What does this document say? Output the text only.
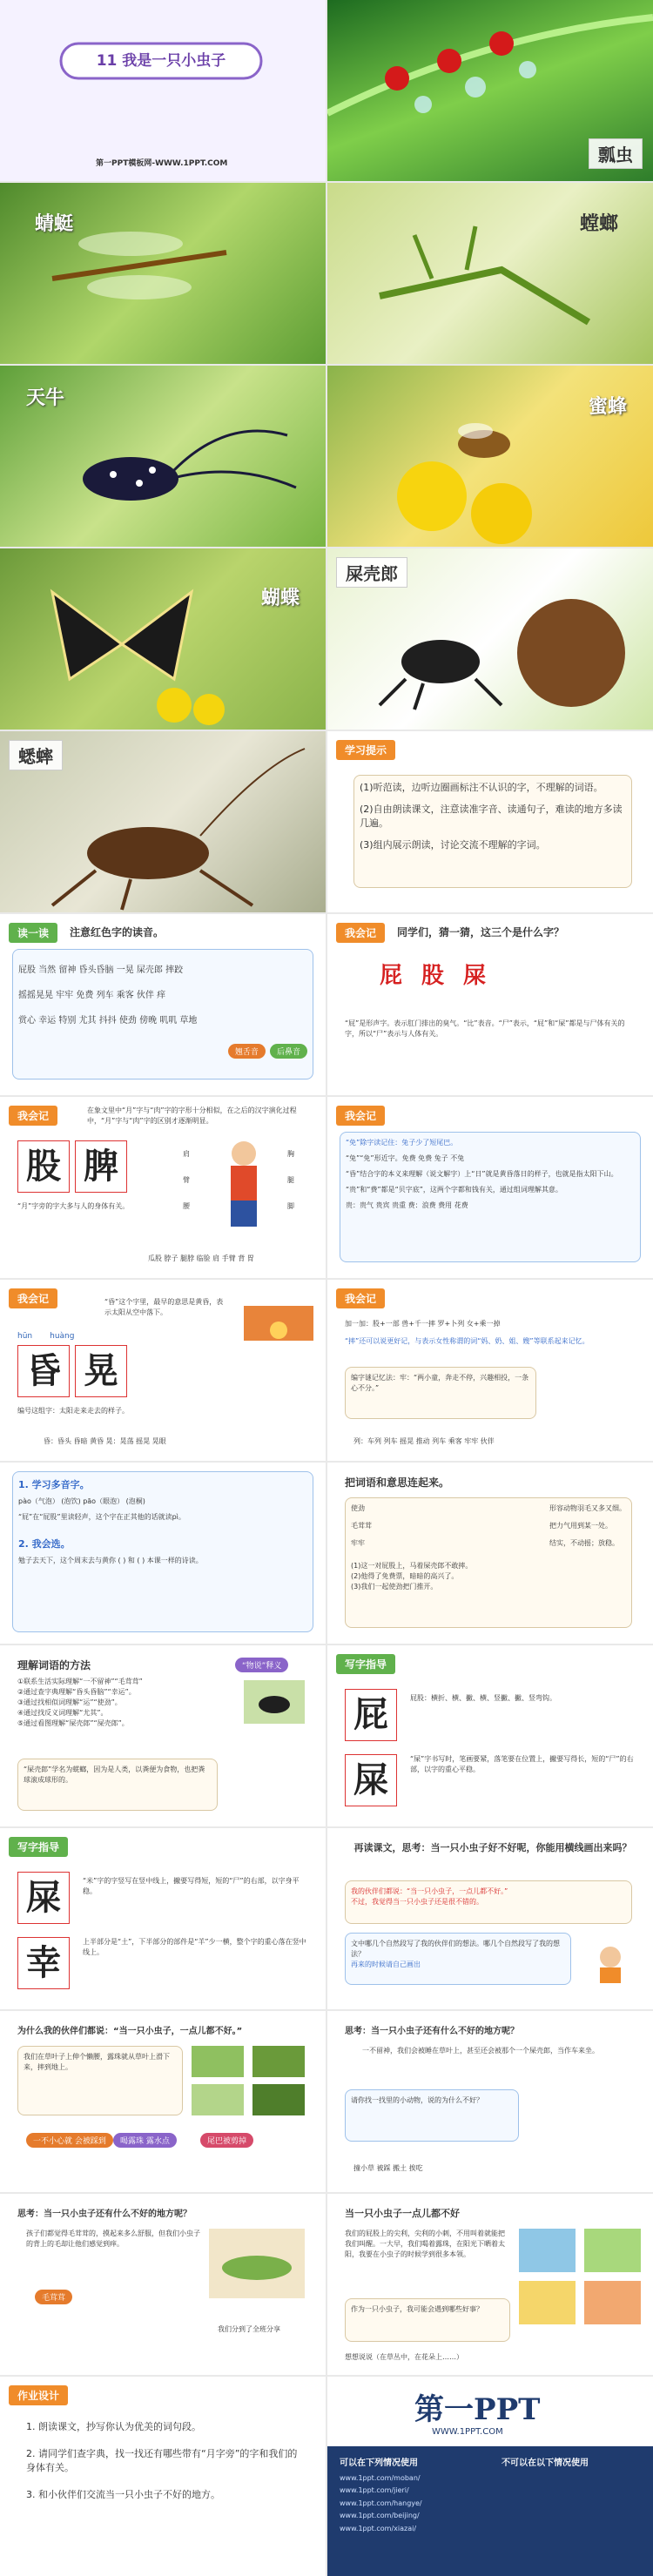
11 我是一只小虫子
第一PPT模板网-WWW.1PPT.COM	瓢虫
蜻蜓	螳螂
天牛	蜜蜂
蝴蝶
屎壳郎
蟋蟀	学习提示
(1)听范读，边听边圈画标注不认识的字，不理解的词语。
(2)自由朗读课文，注意读准字音、读通句子，难读的地方多读几遍。
(3)组内展示朗读，讨论交流不理解的字词。
读一读	注意红色字的读音。
屁股 当然 留神 昏头昏脑 一晃 屎壳郎 摔跤
摇摇晃晃 牢牢 免费 列车 乘客 伙伴 痒
赏心 幸运 特别 尤其 抖抖 使劲 傍晚 叽叽 草地
翘舌音 后鼻音
我会记	同学们，猜一猜，这三个是什么字？
屁 股 屎
“屁”是形声字。表示肛门排出的臭气。“比”表音。“尸”表示，“屁”和“屎”都是与尸体有关的字，所以“尸”表示与人体有关。
我会记	在象文里中“月”字与“肉”字的字形十分相似，在之后的汉字演化过程中，“月”字与“肉”字的区别才逐渐明显。
股 脾
“月”字旁的字大多与人的身体有关。
肩
臂
腰
胸
腿
脚
瓜股 脖子 腿脖 临脸 肩 手臂 背 胃
我会记
“免”除字读记住：兔子少了短尾巴。
“兔”“免”形近字。免费 免费 兔子 不兔
“昏”结合字的本义来理解（说文解字）上“日”就是黄昏落日的样子，也就是指太阳下山。
“贵”和“费”都是“贝字底”，这两个字都和钱有关，通过组词理解其意。
贵：贵气 贵宾 贵重 费：浪费 费用 花费
我会记	“昏”这个字里，最早的意思是黄昏，表示太阳从空中落下。
hūn huàng
昏 晃
编号这组字：太阳走来走去的样子。
昏：昏头 昏暗 黄昏 晃：晃荡 摇晃 晃眼
我会记
加一加：股+一部 兽+千一摔 罗+卜列 女+乘一掉
“摔”还可以说更好记，与表示女性称谓的词“妈、奶、姐、嫂”等联系起来记忆。
编字谜记忆法：牢：“两小童，奔走不停，兴趣相投，一条心不分。”
列：车列 列车 摇晃 推动 列车 乘客 牢牢 伙伴
1. 学习多音字。
pào（气泡） (泡饮) pāo（眼泡） (泡桐)
“屁”在“屁股”里读轻声，这个字在正其他的话就读pì。
2. 我会选。
勉子去天下，这个周末去与黄你 ( ) 和 ( ) 本课一样的诗读。
把词语和意思连起来。
使劲
毛茸茸
牢牢
形容动物羽毛又多又细。
把力气用到某一处。
结实，不动摇；放稳。
(1)这一对屁股上，马着屎壳郎不敢摔。
(2)他得了免费票，暗暗的高兴了。
(3)我们一起使劲把门推开。
理解词语的方法
①联系生活实际理解“一不留神”“毛茸茸”
②通过查字典理解“昏头昏脑”“幸运”。
③通过找相似词理解“运”“使劲”。
④通过找反义词理解“尤其”。
⑤通过看图理解“屎壳郎”“屎壳郎”。
“物说”释义
“屎壳郎”学名为蜣螂，因为是人类，以粪便为食物，也把粪球滚成球形的。
写字指导
屁
屎
屁股：横折、横、撇、横、竖撇、撇、竖弯钩。
“屎”字书写时，笔画要紧，落笔要在位置上，撇要写得长，短的“尸”的右部，以字的重心平稳。
写字指导
屎
幸
“米”字的字竖写在竖中线上，撇要写得短，短的“尸”的右部，以字身平稳。
上半部分是“土”，下半部分的部件是“羊”少一横，整个字的重心落在竖中线上。
再读课文，思考：当一只小虫子好不好呢，你能用横线画出来吗？
我的伙伴们都说：“当一只小虫子，一点儿都不好。”
不过，我觉得当一只小虫子还是很不错的。
文中哪几个自然段写了我的伙伴们的想法。哪几个自然段写了我的想法？
再来的时候请自己画出
为什么我的伙伴们都说：“当一只小虫子，一点儿都不好。”
我们在草叶子上伸个懒腰，露珠就从草叶上滑下来，摔到地上。
一不小心就 会被踩到	喝露珠 露水点	尾巴被剪掉
思考：当一只小虫子还有什么不好的地方呢？
一不留神，我们会被睡在草叶上，甚至还会被那个一个屎壳郎，当作车来坐。
请你找一找里的小动物，说的为什么不好？
撞小草 被踩 搬土 挨吃
思考：当一只小虫子还有什么不好的地方呢？
孩子们都觉得毛茸茸的，摸起来多么舒服，但我们小虫子的背上的毛却让他们感觉到痒。
毛茸茸
我们分到了全班分享
当一只小虫子一点儿都不好
我们的屁股上的尖利，尖利的小刺，不用叫着就能把我们叫醒。一大早，我们喝着露珠，在阳光下晒着太阳，我要在小虫子的时候学到很多本领。
作为一只小虫子，我可能会遇到哪些好事？
想想说说（在草丛中，在花朵上……）
作业设计
1. 朗读课文，抄写你认为优美的词句段。
2. 请同学们查字典，找一找还有哪些带有“月字旁”的字和我们的身体有关。
3. 和小伙伴们交流当一只小虫子不好的地方。
第一PPT
WWW.1PPT.COM
可以在下列情况使用	不可以在以下情况使用
www.1ppt.com/moban/
www.1ppt.com/jieri/
www.1ppt.com/hangye/
www.1ppt.com/beijing/
www.1ppt.com/xiazai/
